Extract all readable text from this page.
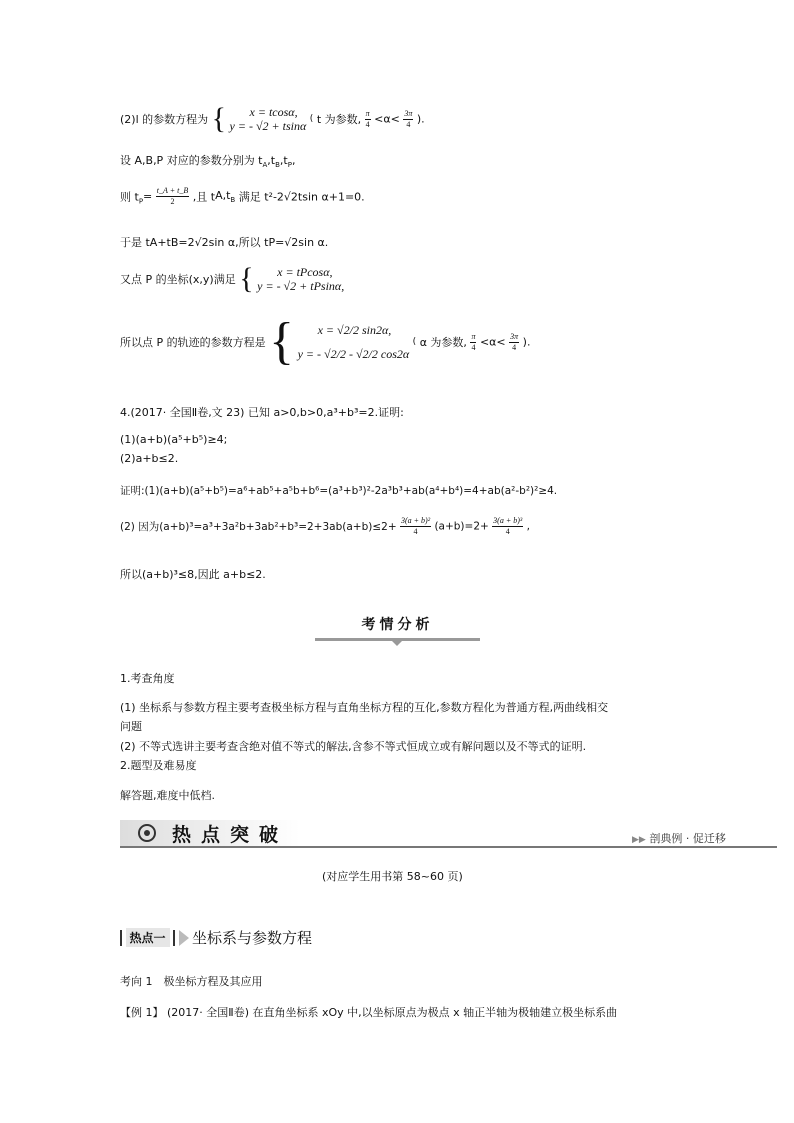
(2)l 的参数方程为 {	x = tcosα,
y = - √2 + tsinα ( t 为参数, $\frac{\pi}{4} <\alpha< \frac{3\pi}{4}$ ).
设 A,B,P 对应的参数分别为 $t_A,t_B,t_P$,
则 $t_P= \frac{t\_A + t\_B}{2}$ ,且 $tA,t_B$ 满足 t²-2√2tsin α+1=0.
于是 tA+tB=2√2sin α,所以 tP=√2sin α.
又点 P 的坐标(x,y)满足 {	x = tPcosα,
y = - √2 + tPsinα,
所以点 P 的轨迹的参数方程是 {	x = √2/2 sin2α,
y = - √2/2 - √2/2 cos2α
( α 为参数, $\frac{\pi}{4} <\alpha< \frac{3\pi}{4}$ ).
4.(2017· 全国Ⅱ卷,文 23) 已知 a>0,b>0,a³+b³=2.证明:
(1)(a+b)(a⁵+b⁵)≥4;
(2)a+b≤2.
证明:(1)(a+b)(a⁵+b⁵)=a⁶+ab⁵+a⁵b+b⁶=(a³+b³)²-2a³b³+ab(a⁴+b⁴)=4+ab(a²-b²)²≥4.
(2) 因为$(a+b)^3=a^3+3a^2b+3ab^2+b^3=2+3ab(a+b)\le 2+ \frac{\text{3(a + b)²}}{4} (a+b)=2+ \frac{\text{3(a + b)³}}{4}$ ,
所以(a+b)³≤8,因此 a+b≤2.
考情分析
1.考查角度
(1) 坐标系与参数方程主要考查极坐标方程与直角坐标方程的互化,参数方程化为普通方程,两曲线相交
问题
(2) 不等式选讲主要考查含绝对值不等式的解法,含参不等式恒成立或有解问题以及不等式的证明.
2.题型及难易度
解答题,难度中低档.
热点突破	▶▶ 剖典例 · 促迁移
(对应学生用书第 58~60 页)
热点一 坐标系与参数方程
考向 1　极坐标方程及其应用
【例 1】 (2017· 全国Ⅱ卷) 在直角坐标系 xOy 中,以坐标原点为极点 x 轴正半轴为极轴建立极坐标系曲
